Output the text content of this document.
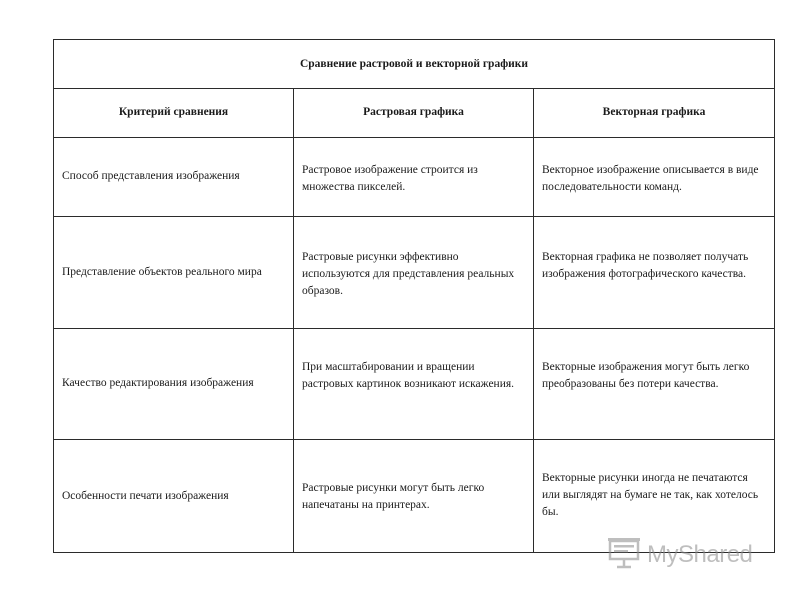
Сравнение растровой и векторной графики		
Критерий сравнения	Растровая графика	Векторная графика
Способ представления изображения	Растровое изображение строится из множества пикселей.	Векторное изображение описывается в виде последовательности команд.
Представление объектов реального мира	Растровые рисунки эффективно используются для представления реальных образов.	Векторная графика не позволяет получать изображения фотографического качества.
Качество редактирования изображения	При масштабировании и вращении растровых картинок возникают искажения.	Векторные изображения могут быть легко преобразованы без потери качества.
Особенности печати изображения	Растровые рисунки могут быть легко напечатаны на принтерах.	Векторные рисунки иногда не печатаются или выглядят на бумаге не так, как хотелось бы.
MyShared
